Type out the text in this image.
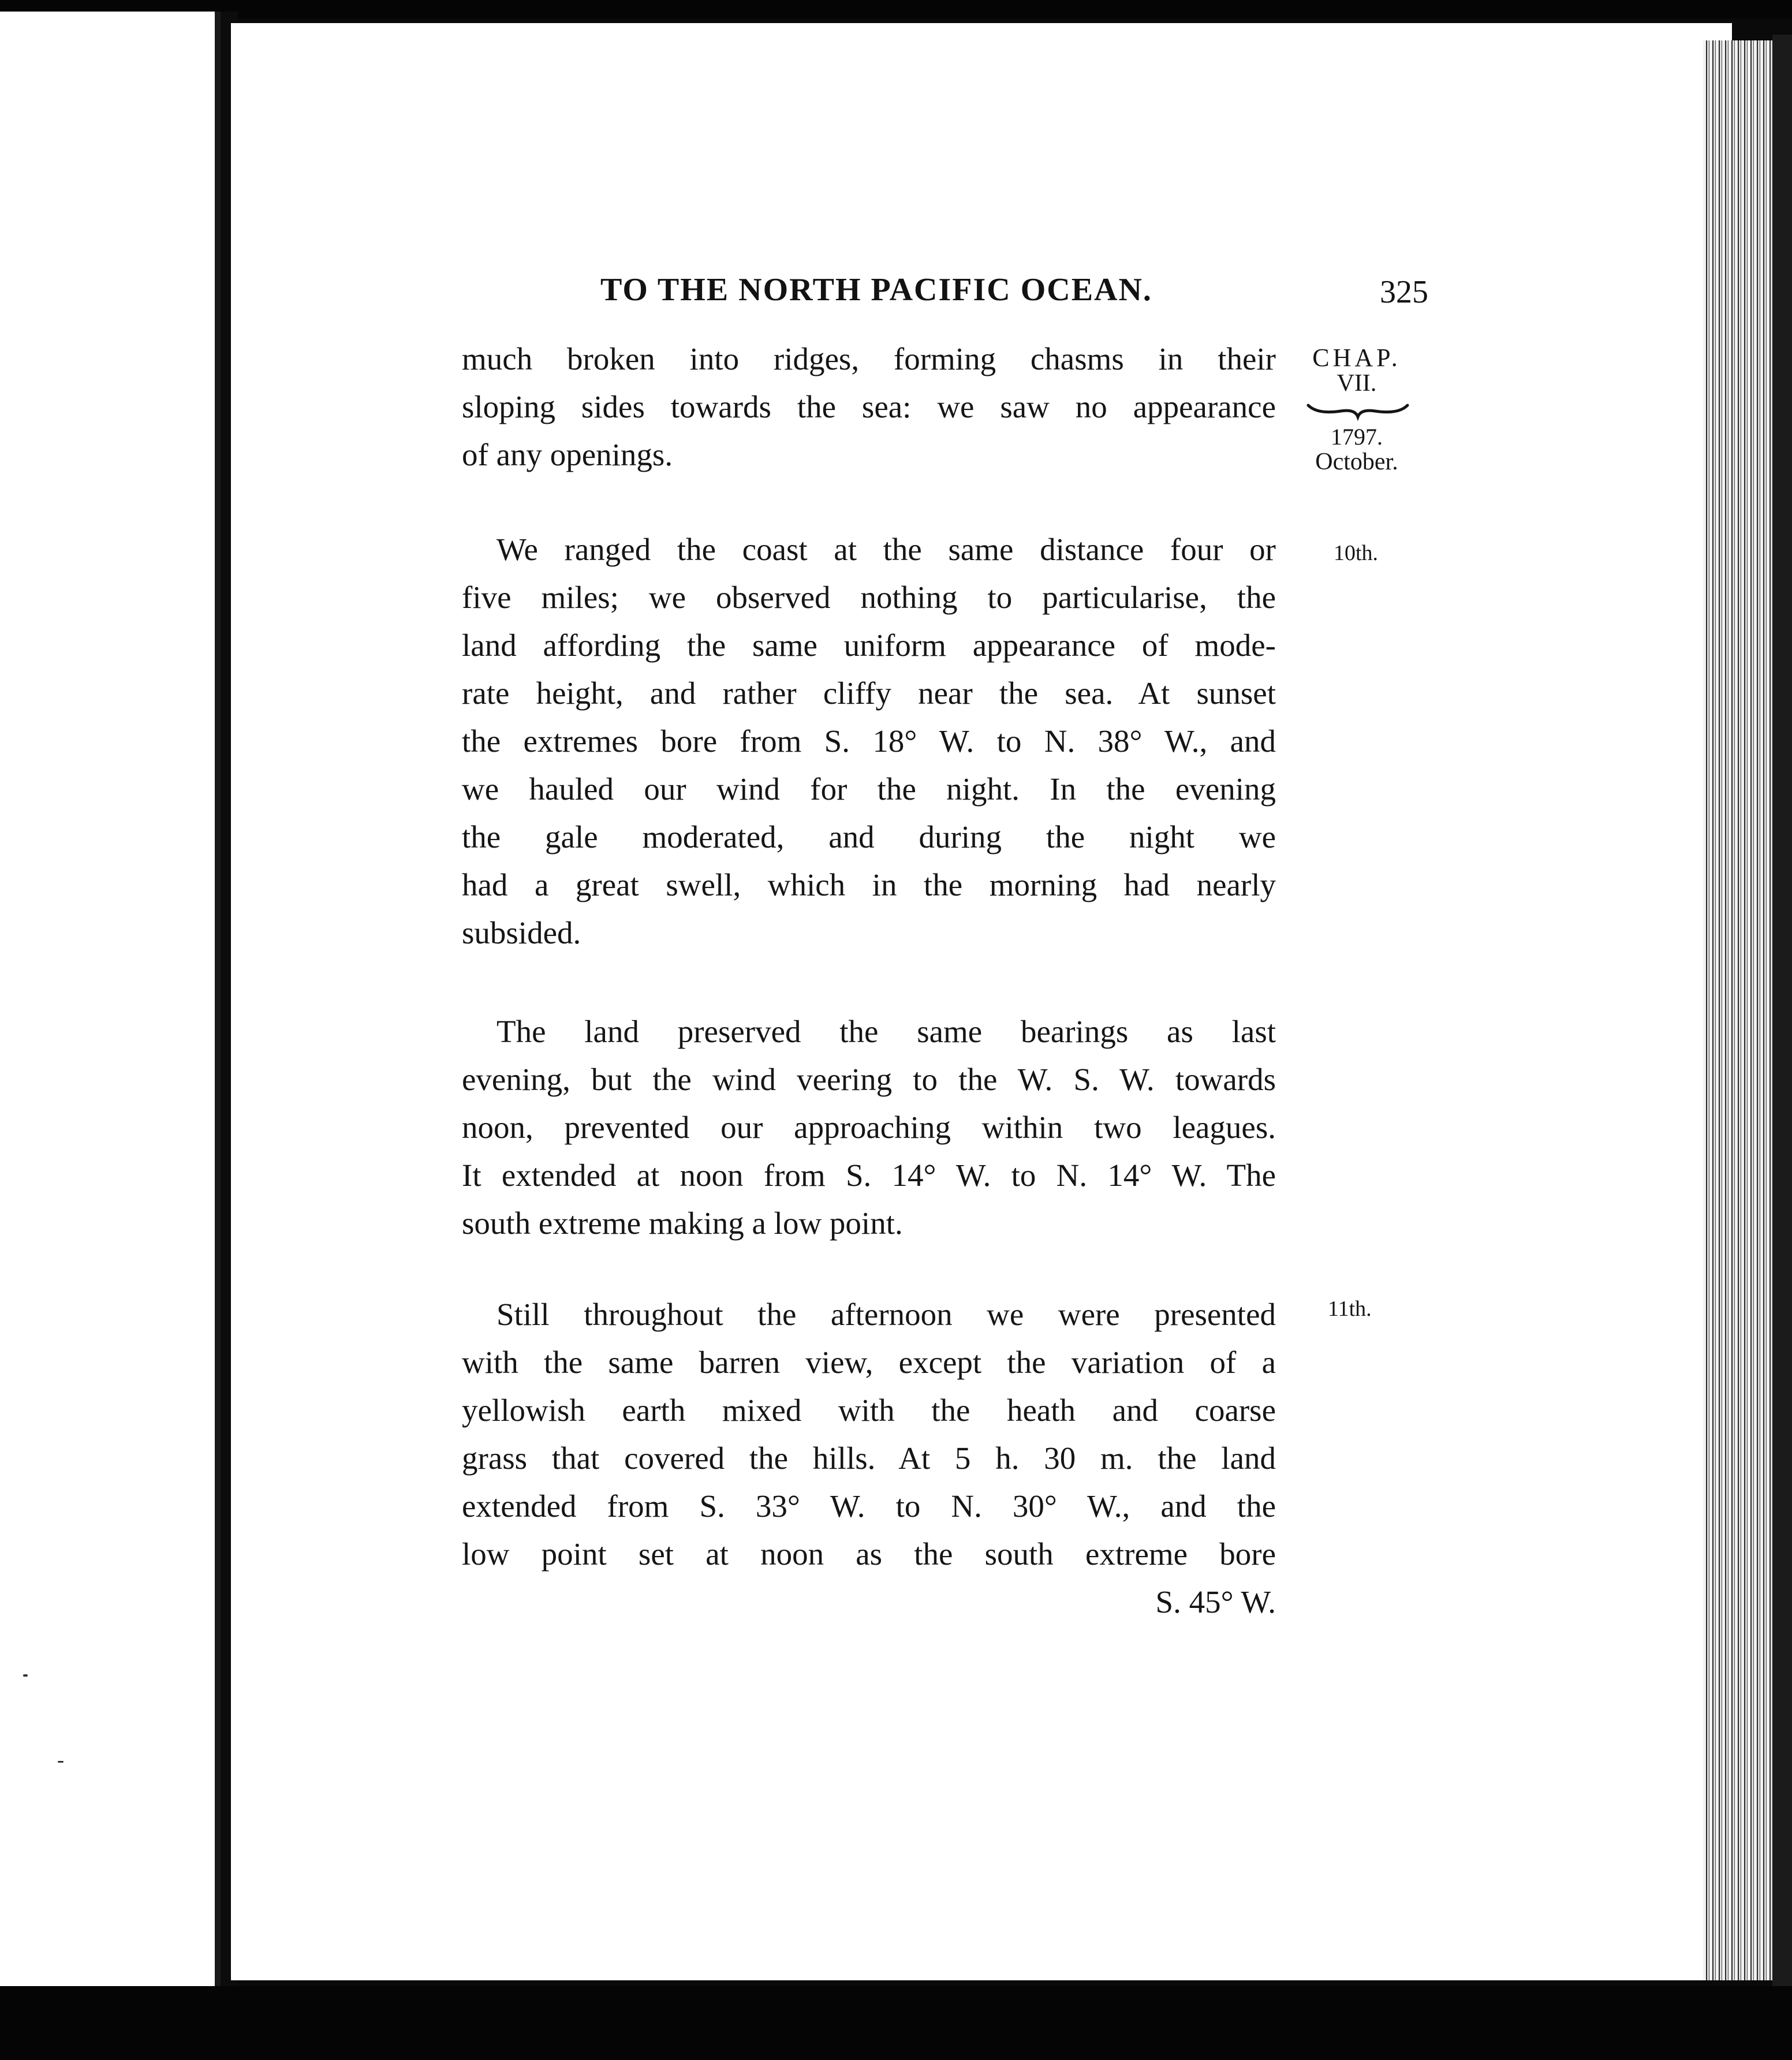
TO THE NORTH PACIFIC OCEAN.	325
CHAP.
VII.
1797.
October.
10th.
11th.
much broken into ridges, forming chasms in their
sloping sides towards the sea: we saw no appearance
of any openings.
We ranged the coast at the same distance four or
five miles; we observed nothing to particularise, the
land affording the same uniform appearance of mode-
rate height, and rather cliffy near the sea. At sunset
the extremes bore from S. 18° W. to N. 38° W., and
we hauled our wind for the night. In the evening
the gale moderated, and during the night we
had a great swell, which in the morning had nearly
subsided.
The land preserved the same bearings as last
evening, but the wind veering to the W. S. W. towards
noon, prevented our approaching within two leagues.
It extended at noon from S. 14° W. to N. 14° W. The
south extreme making a low point.
Still throughout the afternoon we were presented
with the same barren view, except the variation of a
yellowish earth mixed with the heath and coarse
grass that covered the hills. At 5 h. 30 m. the land
extended from S. 33° W. to N. 30° W., and the
low point set at noon as the south extreme bore
S. 45° W.
